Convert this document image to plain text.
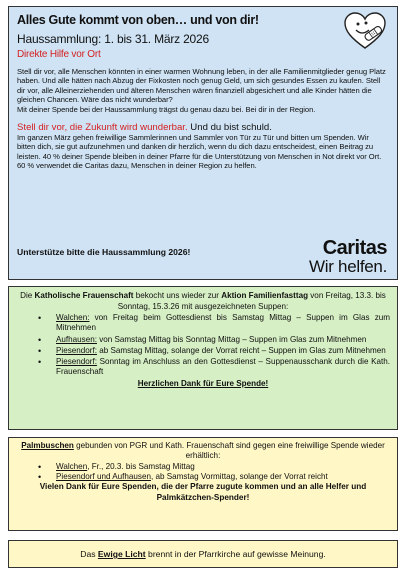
Alles Gute kommt von oben… und von dir!
Haussammlung: 1. bis 31. März 2026
Direkte Hilfe vor Ort

Stell dir vor, alle Menschen könnten in einer warmen Wohnung leben, in der alle Familienmitglieder genug Platz haben. Und alle hätten nach Abzug der Fixkosten noch genug Geld, um sich gesundes Essen zu kaufen. Stell dir vor, alle Alleinerziehenden und älteren Menschen wären finanziell abgesichert und alle Kinder hätten die gleichen Chancen. Wäre das nicht wunderbar?
Mit deiner Spende bei der Haussammlung trägst du genau dazu bei. Bei dir in der Region.

Stell dir vor, die Zukunft wird wunderbar. Und du bist schuld.

Im ganzen März gehen freiwillige Sammlerinnen und Sammler von Tür zu Tür und bitten um Spenden. Wir bitten dich, sie gut aufzunehmen und danken dir herzlich, wenn du dich dazu entscheidest, einen Beitrag zu leisten. 40 % deiner Spende bleiben in deiner Pfarre für die Unterstützung von Menschen in Not direkt vor Ort. 60 % verwendet die Caritas dazu, Menschen in deiner Region zu helfen.

Unterstütze bitte die Haussammlung 2026!	Caritas
Wir helfen.
Die Katholische Frauenschaft bekocht uns wieder zur Aktion Familienfasttag von Freitag, 13.3. bis Sonntag, 15.3.26 mit ausgezeichneten Suppen:
• Walchen: von Freitag beim Gottesdienst bis Samstag Mittag – Suppen im Glas zum Mitnehmen
• Aufhausen: von Samstag Mittag bis Sonntag Mittag – Suppen im Glas zum Mitnehmen
• Piesendorf: ab Samstag Mittag, solange der Vorrat reicht – Suppen im Glas zum Mitnehmen
• Piesendorf: Sonntag im Anschluss an den Gottesdienst – Suppenausschank durch die Kath. Frauenschaft
Herzlichen Dank für Eure Spende!
Palmbuschen gebunden von PGR und Kath. Frauenschaft sind gegen eine freiwillige Spende wieder erhältlich:
• Walchen, Fr., 20.3. bis Samstag Mittag
• Piesendorf und Aufhausen, ab Samstag Vormittag, solange der Vorrat reicht
Vielen Dank für Eure Spenden, die der Pfarre zugute kommen und an alle Helfer und Palmkätzchen-Spender!
Das Ewige Licht brennt in der Pfarrkirche auf gewisse Meinung.
